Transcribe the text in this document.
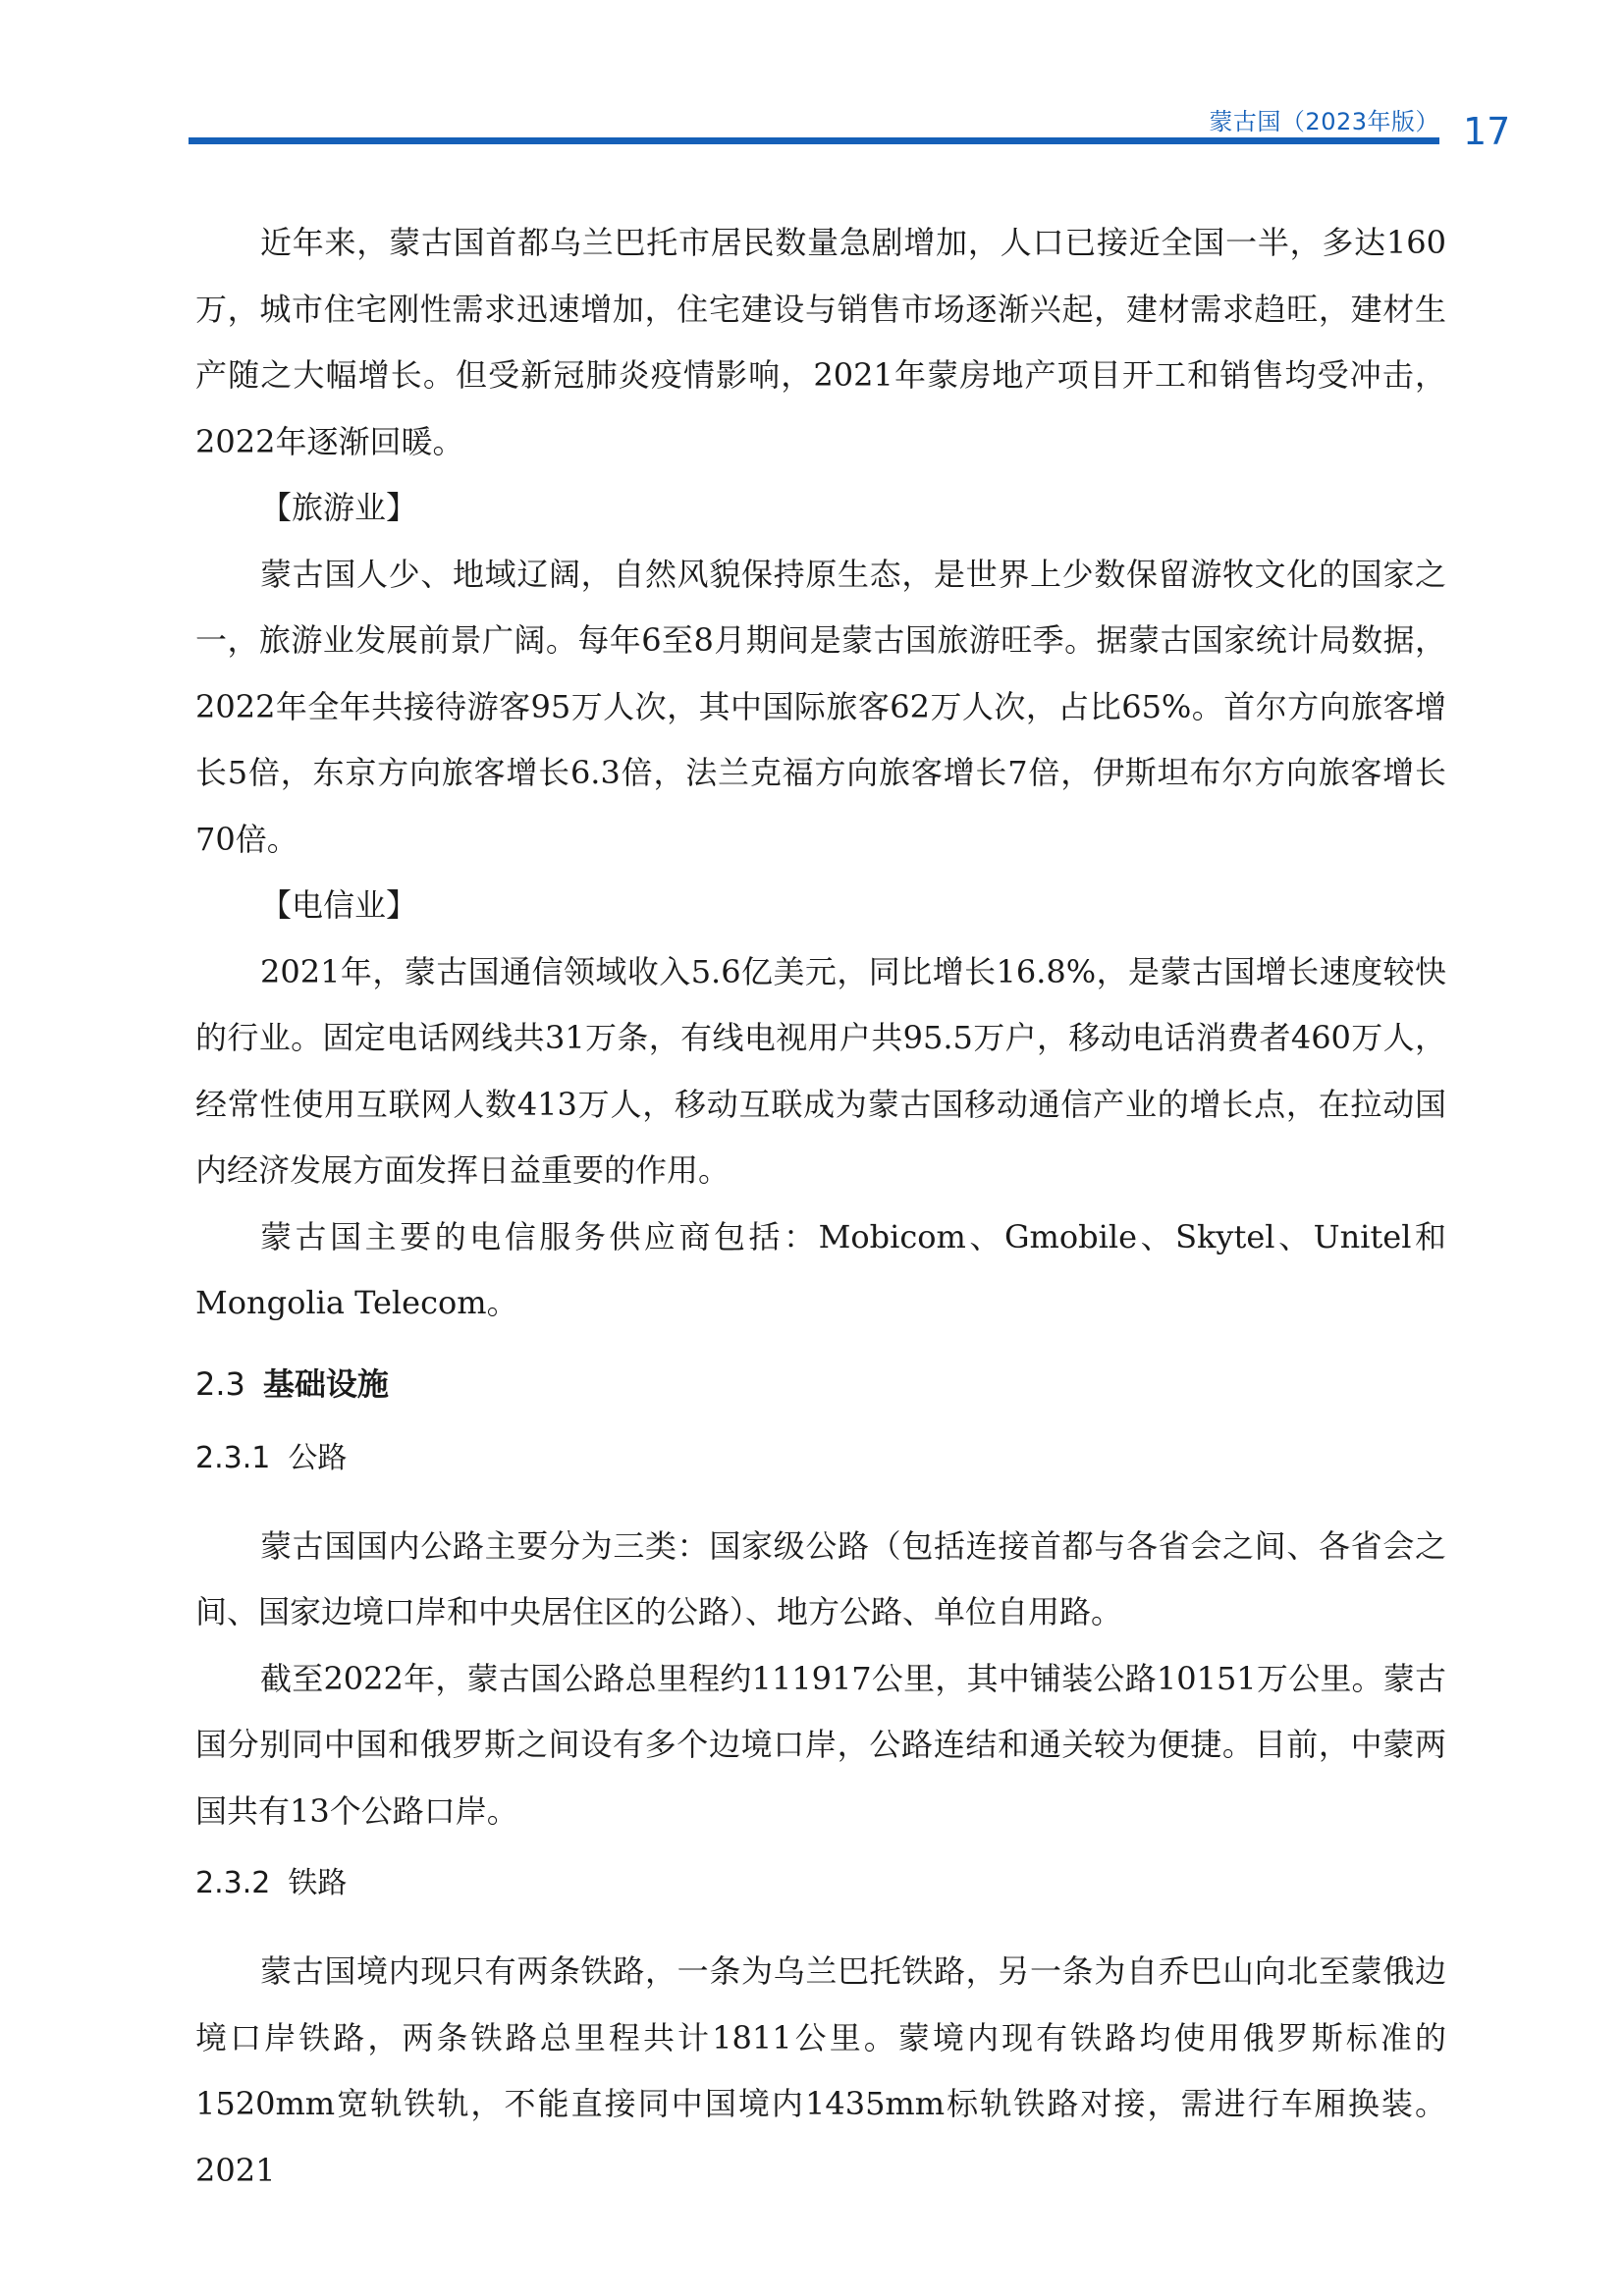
蒙古国（2023年版） 17

近年来，蒙古国首都乌兰巴托市居民数量急剧增加，人口已接近全国一半，多达160万，城市住宅刚性需求迅速增加，住宅建设与销售市场逐渐兴起，建材需求趋旺，建材生产随之大幅增长。但受新冠肺炎疫情影响，2021年蒙房地产项目开工和销售均受冲击，2022年逐渐回暖。

【旅游业】

蒙古国人少、地域辽阔，自然风貌保持原生态，是世界上少数保留游牧文化的国家之一，旅游业发展前景广阔。每年6至8月期间是蒙古国旅游旺季。据蒙古国家统计局数据，2022年全年共接待游客95万人次，其中国际旅客62万人次，占比65%。首尔方向旅客增长5倍，东京方向旅客增长6.3倍，法兰克福方向旅客增长7倍，伊斯坦布尔方向旅客增长70倍。

【电信业】

2021年，蒙古国通信领域收入5.6亿美元，同比增长16.8%，是蒙古国增长速度较快的行业。固定电话网线共31万条，有线电视用户共95.5万户，移动电话消费者460万人，经常性使用互联网人数413万人，移动互联成为蒙古国移动通信产业的增长点，在拉动国内经济发展方面发挥日益重要的作用。

蒙古国主要的电信服务供应商包括：Mobicom、Gmobile、Skytel、Unitel和Mongolia Telecom。

2.3 基础设施
2.3.1 公路

蒙古国国内公路主要分为三类：国家级公路（包括连接首都与各省会之间、各省会之间、国家边境口岸和中央居住区的公路）、地方公路、单位自用路。

截至2022年，蒙古国公路总里程约111917公里，其中铺装公路10151万公里。蒙古国分别同中国和俄罗斯之间设有多个边境口岸，公路连结和通关较为便捷。目前，中蒙两国共有13个公路口岸。

2.3.2 铁路

蒙古国境内现只有两条铁路，一条为乌兰巴托铁路，另一条为自乔巴山向北至蒙俄边境口岸铁路，两条铁路总里程共计1811公里。蒙境内现有铁路均使用俄罗斯标准的1520mm宽轨铁轨，不能直接同中国境内1435mm标轨铁路对接，需进行车厢换装。2021
